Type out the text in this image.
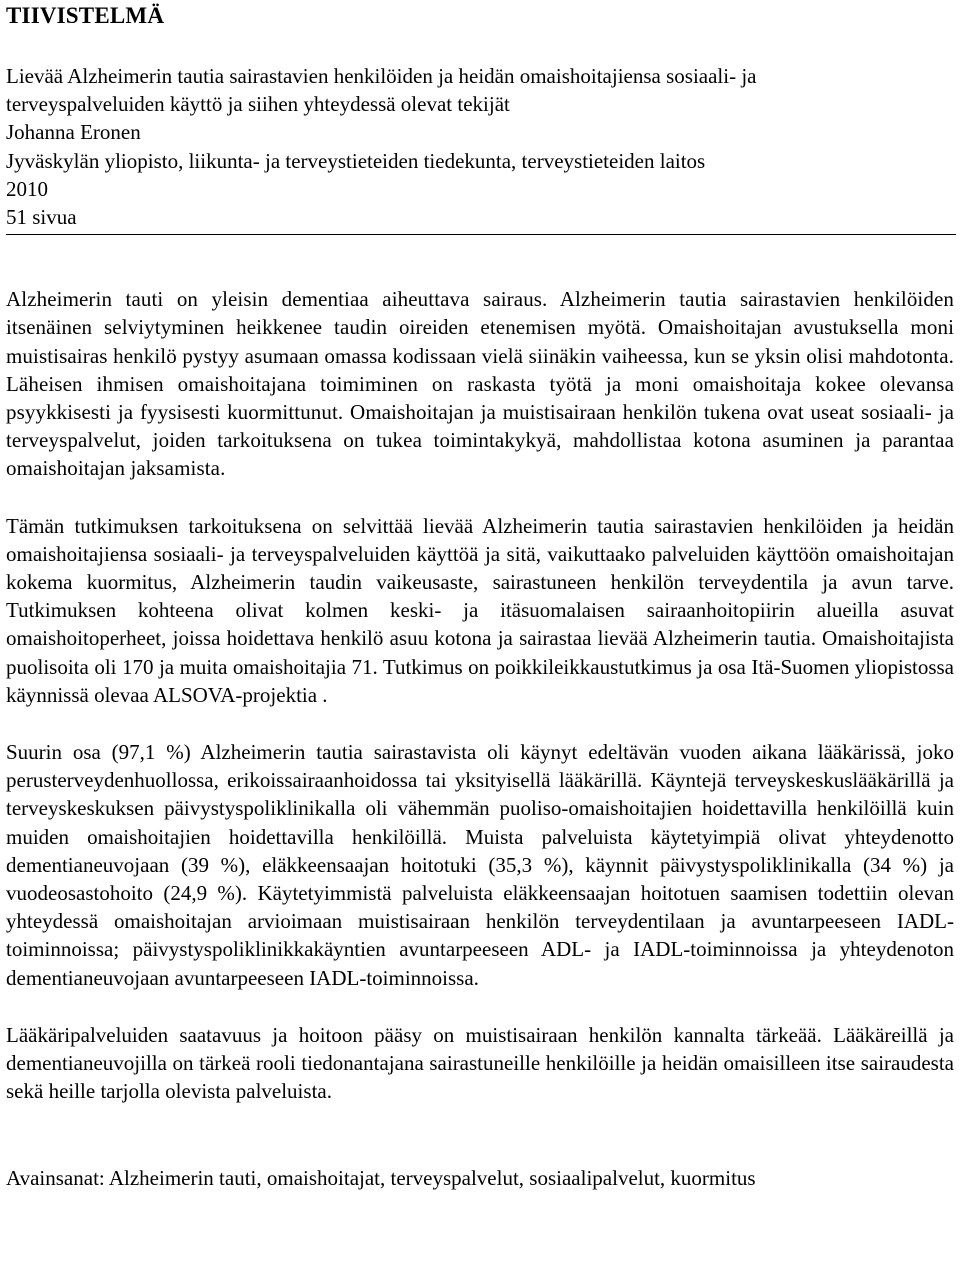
TIIVISTELMÄ
Lievää Alzheimerin tautia sairastavien henkilöiden ja heidän omaishoitajiensa sosiaali- ja
terveyspalveluiden käyttö ja siihen yhteydessä olevat tekijät
Johanna Eronen
Jyväskylän yliopisto, liikunta- ja terveystieteiden tiedekunta, terveystieteiden laitos
2010
51 sivua

Alzheimerin tauti on yleisin dementiaa aiheuttava sairaus. Alzheimerin tautia sairastavien henkilöiden itsenäinen selviytyminen heikkenee taudin oireiden etenemisen myötä. Omaishoitajan avustuksella moni muistisairas henkilö pystyy asumaan omassa kodissaan vielä siinäkin vaiheessa, kun se yksin olisi mahdotonta. Läheisen ihmisen omaishoitajana toimiminen on raskasta työtä ja moni omaishoitaja kokee olevansa psyykkisesti ja fyysisesti kuormittunut. Omaishoitajan ja muistisairaan henkilön tukena ovat useat sosiaali- ja terveyspalvelut, joiden tarkoituksena on tukea toimintakykyä, mahdollistaa kotona asuminen ja parantaa omaishoitajan jaksamista.

Tämän tutkimuksen tarkoituksena on selvittää lievää Alzheimerin tautia sairastavien henkilöiden ja heidän omaishoitajiensa sosiaali- ja terveyspalveluiden käyttöä ja sitä, vaikuttaako palveluiden käyttöön omaishoitajan kokema kuormitus, Alzheimerin taudin vaikeusaste, sairastuneen henkilön terveydentila ja avun tarve. Tutkimuksen kohteena olivat kolmen keski- ja itäsuomalaisen sairaanhoitopiirin alueilla asuvat omaishoitoperheet, joissa hoidettava henkilö asuu kotona ja sairastaa lievää Alzheimerin tautia. Omaishoitajista puolisoita oli 170 ja muita omaishoitajia 71. Tutkimus on poikkileikkaustutkimus ja osa Itä-Suomen yliopistossa käynnissä olevaa ALSOVA-projektia .

Suurin osa (97,1 %) Alzheimerin tautia sairastavista oli käynyt edeltävän vuoden aikana lääkärissä, joko perusterveydenhuollossa, erikoissairaanhoidossa tai yksityisellä lääkärillä. Käyntejä terveyskeskuslääkärillä ja terveyskeskuksen päivystyspoliklinikalla oli vähemmän puoliso-omaishoitajien hoidettavilla henkilöillä kuin muiden omaishoitajien hoidettavilla henkilöillä. Muista palveluista käytetyimpiä olivat yhteydenotto dementianeuvojaan (39 %), eläkkeensaajan hoitotuki (35,3 %), käynnit päivystyspoliklinikalla (34 %) ja vuodeosastohoito (24,9 %). Käytetyimmistä palveluista eläkkeensaajan hoitotuen saamisen todettiin olevan yhteydessä omaishoitajan arvioimaan muistisairaan henkilön terveydentilaan ja avuntarpeeseen IADL-toiminnoissa; päivystyspoliklinikkakäyntien avuntarpeeseen ADL- ja IADL-toiminnoissa ja yhteydenoton dementianeuvojaan avuntarpeeseen IADL-toiminnoissa.

Lääkäripalveluiden saatavuus ja hoitoon pääsy on muistisairaan henkilön kannalta tärkeää. Lääkäreillä ja dementianeuvojilla on tärkeä rooli tiedonantajana sairastuneille henkilöille ja heidän omaisilleen itse sairaudesta sekä heille tarjolla olevista palveluista.

Avainsanat: Alzheimerin tauti, omaishoitajat, terveyspalvelut, sosiaalipalvelut, kuormitus
